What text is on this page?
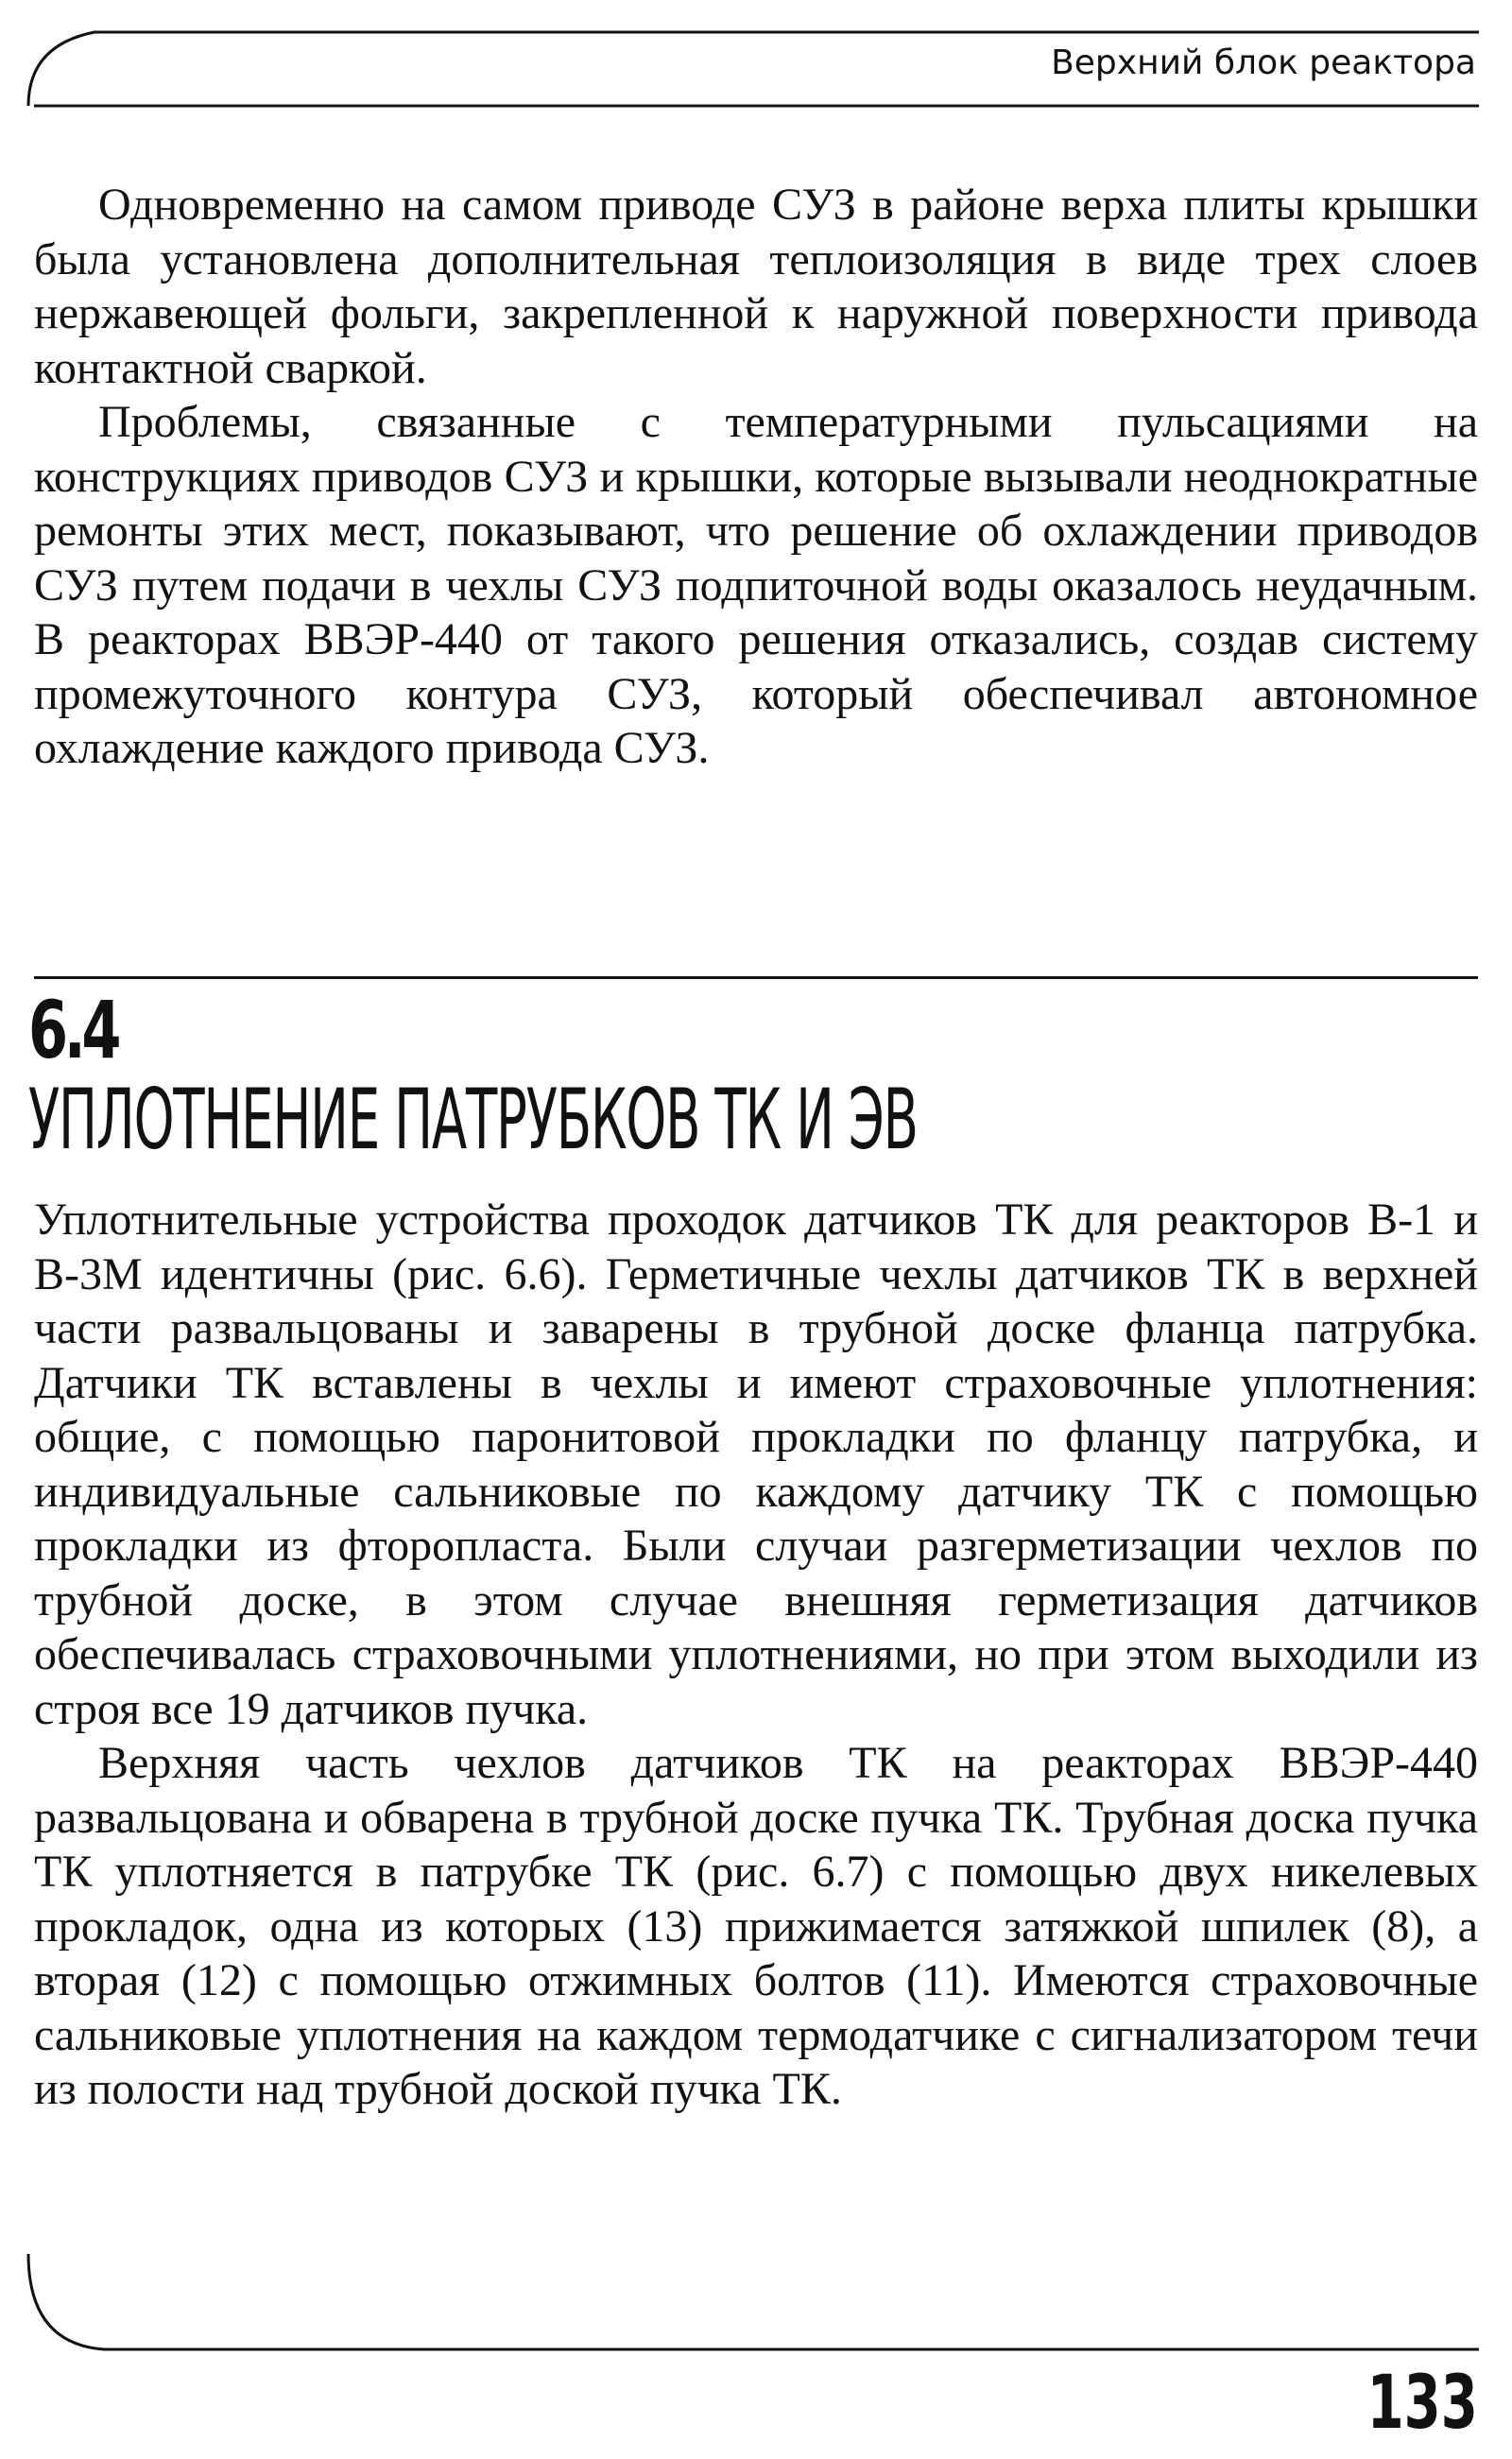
Верхний блок реактора

Одновременно на самом приводе СУЗ в районе верха плиты крышки была установлена дополнительная теплоизоляция в виде трех слоев нержавеющей фольги, закрепленной к наружной поверхности привода контактной сваркой.

Проблемы, связанные с температурными пульсациями на конструкциях приводов СУЗ и крышки, которые вызывали неоднократные ремонты этих мест, показывают, что решение об охлаждении приводов СУЗ путем подачи в чехлы СУЗ подпиточной воды оказалось неудачным. В реакторах ВВЭР-440 от такого решения отказались, создав систему промежуточного контура СУЗ, который обеспечивал автономное охлаждение каждого привода СУЗ.

6.4
УПЛОТНЕНИЕ ПАТРУБКОВ ТК И ЭВ

Уплотнительные устройства проходок датчиков ТК для реакторов В-1 и В-3М идентичны (рис. 6.6). Герметичные чехлы датчиков ТК в верхней части развальцованы и заварены в трубной доске фланца патрубка. Датчики ТК вставлены в чехлы и имеют страховочные уплотнения: общие, с помощью паронитовой прокладки по фланцу патрубка, и индивидуальные сальниковые по каждому датчику ТК с помощью прокладки из фторопласта. Были случаи разгерметизации чехлов по трубной доске, в этом случае внешняя герметизация датчиков обеспечивалась страховочными уплотнениями, но при этом выходили из строя все 19 датчиков пучка.

Верхняя часть чехлов датчиков ТК на реакторах ВВЭР-440 развальцована и обварена в трубной доске пучка ТК. Трубная доска пучка ТК уплотняется в патрубке ТК (рис. 6.7) с помощью двух никелевых прокладок, одна из которых (13) прижимается затяжкой шпилек (8), а вторая (12) с помощью отжимных болтов (11). Имеются страховочные сальниковые уплотнения на каждом термодатчике с сигнализатором течи из полости над трубной доской пучка ТК.

133
